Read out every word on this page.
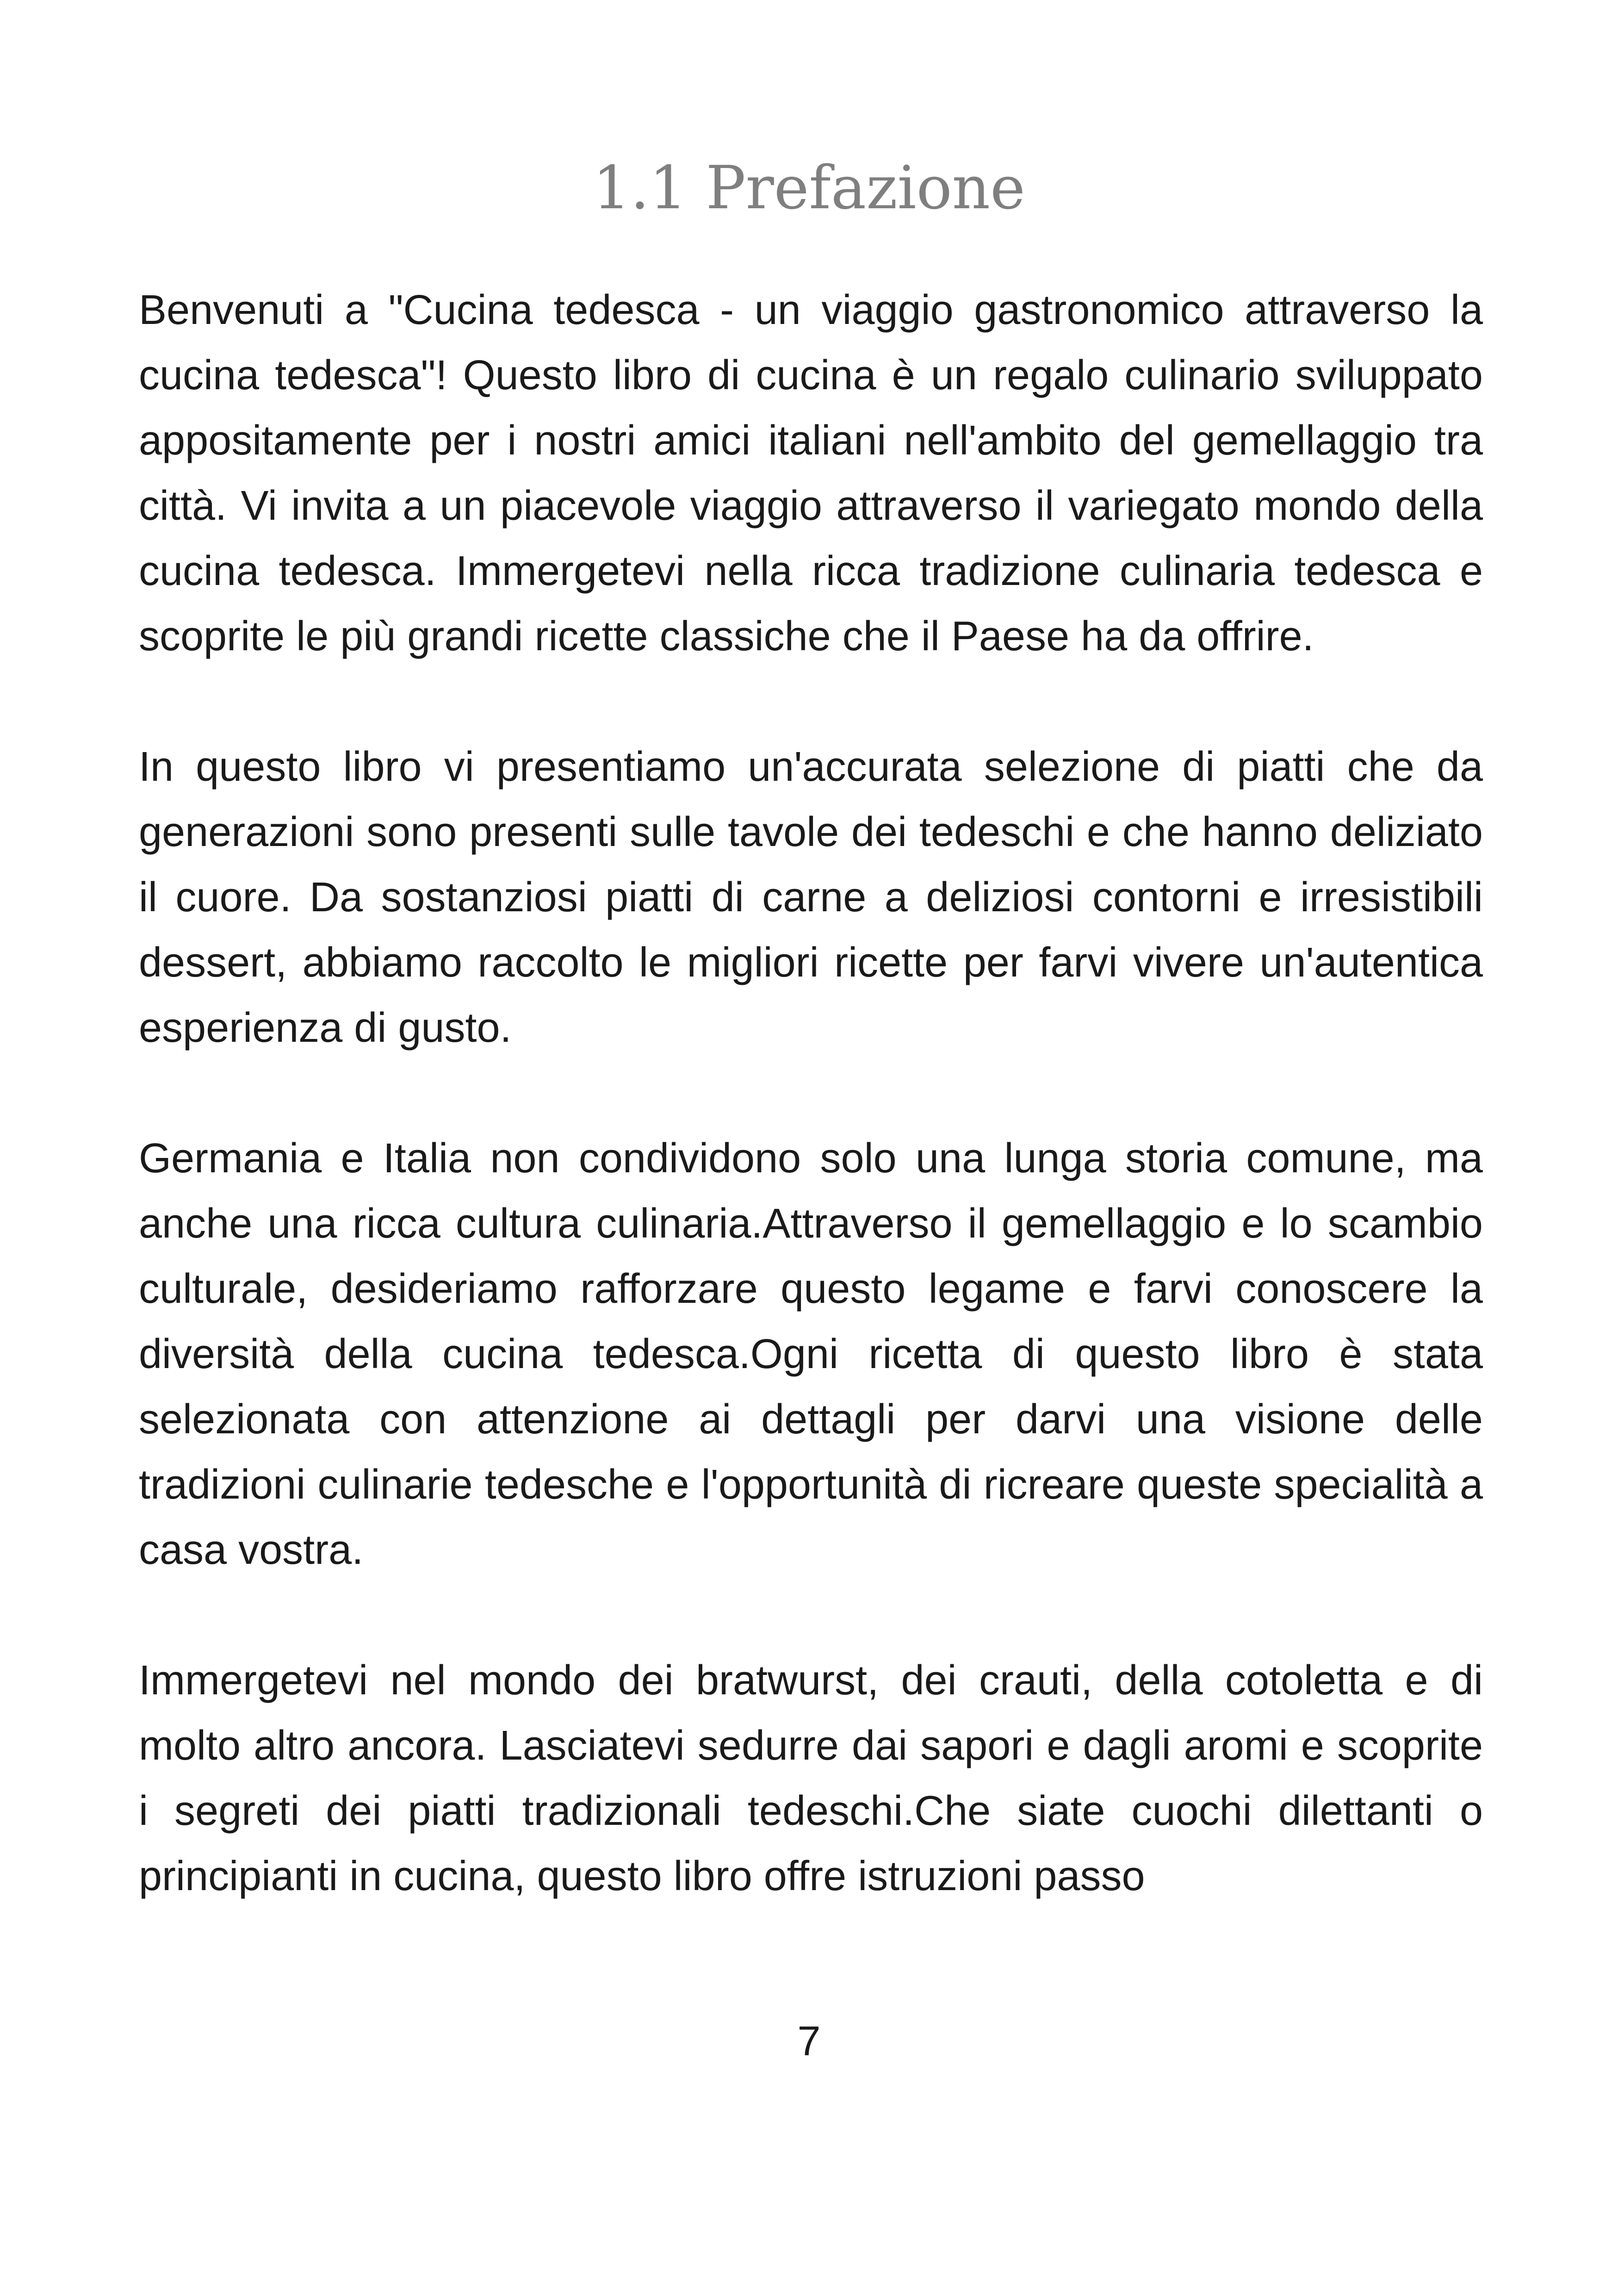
1.1 Prefazione

Benvenuti a "Cucina tedesca - un viaggio gastronomico attraverso la cucina tedesca"! Questo libro di cucina è un regalo culinario sviluppato appositamente per i nostri amici italiani nell'ambito del gemellaggio tra città. Vi invita a un piacevole viaggio attraverso il variegato mondo della cucina tedesca. Immergetevi nella ricca tradizione culinaria tedesca e scoprite le più grandi ricette classiche che il Paese ha da offrire.

In questo libro vi presentiamo un'accurata selezione di piatti che da generazioni sono presenti sulle tavole dei tedeschi e che hanno deliziato il cuore. Da sostanziosi piatti di carne a deliziosi contorni e irresistibili dessert, abbiamo raccolto le migliori ricette per farvi vivere un'autentica esperienza di gusto.

Germania e Italia non condividono solo una lunga storia comune, ma anche una ricca cultura culinaria.Attraverso il gemellaggio e lo scambio culturale, desideriamo rafforzare questo legame e farvi conoscere la diversità della cucina tedesca.Ogni ricetta di questo libro è stata selezionata con attenzione ai dettagli per darvi una visione delle tradizioni culinarie tedesche e l'opportunità di ricreare queste specialità a casa vostra.

Immergetevi nel mondo dei bratwurst, dei crauti, della cotoletta e di molto altro ancora. Lasciatevi sedurre dai sapori e dagli aromi e scoprite i segreti dei piatti tradizionali tedeschi.Che siate cuochi dilettanti o principianti in cucina, questo libro offre istruzioni passo

7
